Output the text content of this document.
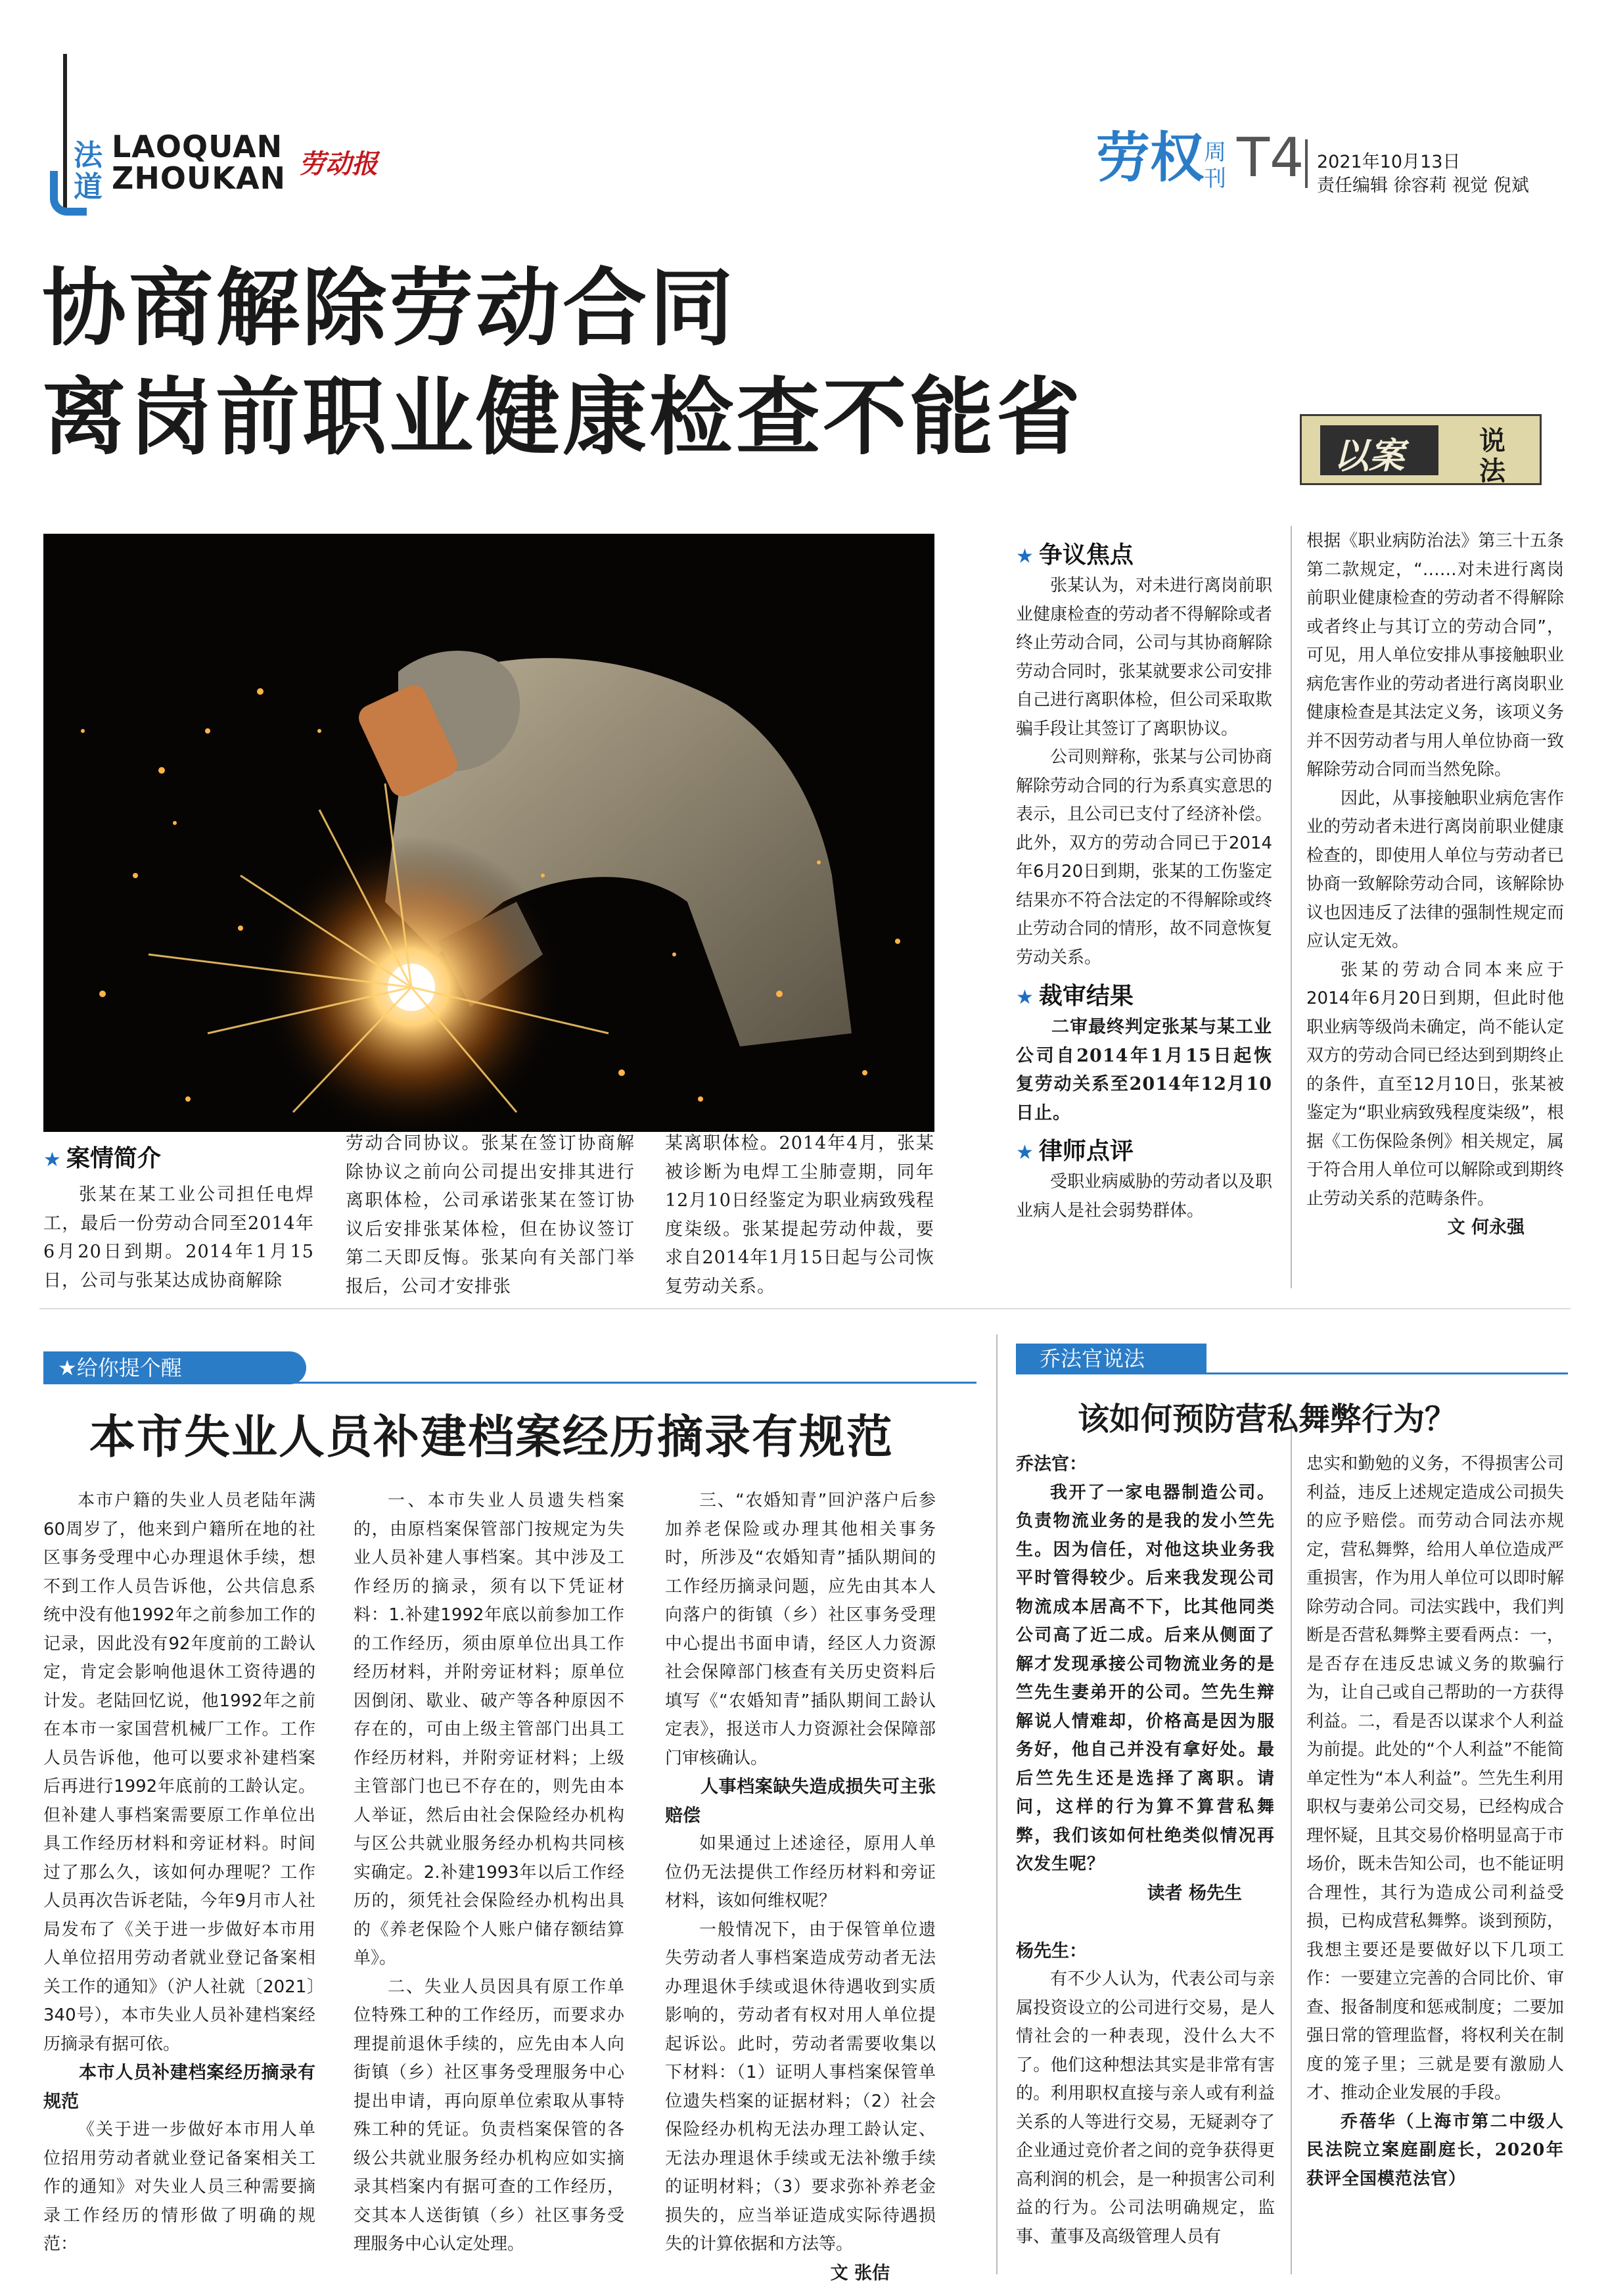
法
道
LAOQUAN
ZHOUKAN 劳动报	劳权 周
刊 T4 2021年10月13日
责任编辑 徐容莉 视觉 倪斌
协商解除劳动合同
离岗前职业健康检查不能省	以案	说
法
★ 案情简介

张某在某工业公司担任电焊工，最后一份劳动合同至2014年6月20日到期。2014年1月15日，公司与张某达成协商解除

劳动合同协议。张某在签订协商解除协议之前向公司提出安排其进行离职体检，公司承诺张某在签订协议后安排张某体检，但在协议签订第二天即反悔。张某向有关部门举报后，公司才安排张

某离职体检。2014年4月，张某被诊断为电焊工尘肺壹期，同年12月10日经鉴定为职业病致残程度柒级。张某提起劳动仲裁，要求自2014年1月15日起与公司恢复劳动关系。

★ 争议焦点

张某认为，对未进行离岗前职业健康检查的劳动者不得解除或者终止劳动合同，公司与其协商解除劳动合同时，张某就要求公司安排自己进行离职体检，但公司采取欺骗手段让其签订了离职协议。

公司则辩称，张某与公司协商解除劳动合同的行为系真实意思的表示，且公司已支付了经济补偿。此外，双方的劳动合同已于2014年6月20日到期，张某的工伤鉴定结果亦不符合法定的不得解除或终止劳动合同的情形，故不同意恢复劳动关系。

★ 裁审结果

二审最终判定张某与某工业公司自2014年1月15日起恢复劳动关系至2014年12月10日止。

★ 律师点评

受职业病威胁的劳动者以及职业病人是社会弱势群体。

根据《职业病防治法》第三十五条第二款规定，“……对未进行离岗前职业健康检查的劳动者不得解除或者终止与其订立的劳动合同”，可见，用人单位安排从事接触职业病危害作业的劳动者进行离岗职业健康检查是其法定义务，该项义务并不因劳动者与用人单位协商一致解除劳动合同而当然免除。

因此，从事接触职业病危害作业的劳动者未进行离岗前职业健康检查的，即使用人单位与劳动者已协商一致解除劳动合同，该解除协议也因违反了法律的强制性规定而应认定无效。

张某的劳动合同本来应于2014年6月20日到期，但此时他职业病等级尚未确定，尚不能认定双方的劳动合同已经达到到期终止的条件，直至12月10日，张某被鉴定为“职业病致残程度柒级”，根据《工伤保险条例》相关规定，属于符合用人单位可以解除或到期终止劳动关系的范畴条件。

文 何永强
★给你提个醒
本市失业人员补建档案经历摘录有规范

本市户籍的失业人员老陆年满60周岁了，他来到户籍所在地的社区事务受理中心办理退休手续，想不到工作人员告诉他，公共信息系统中没有他1992年之前参加工作的记录，因此没有92年度前的工龄认定，肯定会影响他退休工资待遇的计发。老陆回忆说，他1992年之前在本市一家国营机械厂工作。工作人员告诉他，他可以要求补建档案后再进行1992年底前的工龄认定。但补建人事档案需要原工作单位出具工作经历材料和旁证材料。时间过了那么久，该如何办理呢？工作人员再次告诉老陆，今年9月市人社局发布了《关于进一步做好本市用人单位招用劳动者就业登记备案相关工作的通知》（沪人社就〔2021〕340号），本市失业人员补建档案经历摘录有据可依。

本市人员补建档案经历摘录有规范

《关于进一步做好本市用人单位招用劳动者就业登记备案相关工作的通知》对失业人员三种需要摘录工作经历的情形做了明确的规范：

一、本市失业人员遗失档案的，由原档案保管部门按规定为失业人员补建人事档案。其中涉及工作经历的摘录，须有以下凭证材料：1.补建1992年底以前参加工作的工作经历，须由原单位出具工作经历材料，并附旁证材料；原单位因倒闭、歇业、破产等各种原因不存在的，可由上级主管部门出具工作经历材料，并附旁证材料；上级主管部门也已不存在的，则先由本人举证，然后由社会保险经办机构与区公共就业服务经办机构共同核实确定。2.补建1993年以后工作经历的，须凭社会保险经办机构出具的《养老保险个人账户储存额结算单》。

二、失业人员因具有原工作单位特殊工种的工作经历，而要求办理提前退休手续的，应先由本人向街镇（乡）社区事务受理服务中心提出申请，再向原单位索取从事特殊工种的凭证。负责档案保管的各级公共就业服务经办机构应如实摘录其档案内有据可查的工作经历，交其本人送街镇（乡）社区事务受理服务中心认定处理。

三、“农婚知青”回沪落户后参加养老保险或办理其他相关事务时，所涉及“农婚知青”插队期间的工作经历摘录问题，应先由其本人向落户的街镇（乡）社区事务受理中心提出书面申请，经区人力资源社会保障部门核查有关历史资料后填写《“农婚知青”插队期间工龄认定表》，报送市人力资源社会保障部门审核确认。

人事档案缺失造成损失可主张赔偿

如果通过上述途径，原用人单位仍无法提供工作经历材料和旁证材料，该如何维权呢？

一般情况下，由于保管单位遗失劳动者人事档案造成劳动者无法办理退休手续或退休待遇收到实质影响的，劳动者有权对用人单位提起诉讼。此时，劳动者需要收集以下材料：（1）证明人事档案保管单位遗失档案的证据材料；（2）社会保险经办机构无法办理工龄认定、无法办理退休手续或无法补缴手续的证明材料；（3）要求弥补养老金损失的，应当举证造成实际待遇损失的计算依据和方法等。

文 张佶
乔法官说法
该如何预防营私舞弊行为？
乔法官：

我开了一家电器制造公司。负责物流业务的是我的发小竺先生。因为信任，对他这块业务我平时管得较少。后来我发现公司物流成本居高不下，比其他同类公司高了近二成。后来从侧面了解才发现承接公司物流业务的是竺先生妻弟开的公司。竺先生辩解说人情难却，价格高是因为服务好，他自己并没有拿好处。最后竺先生还是选择了离职。请问，这样的行为算不算营私舞弊，我们该如何杜绝类似情况再次发生呢？

读者 杨先生
杨先生：

有不少人认为，代表公司与亲属投资设立的公司进行交易，是人情社会的一种表现，没什么大不了。他们这种想法其实是非常有害的。利用职权直接与亲人或有利益关系的人等进行交易，无疑剥夺了企业通过竞价者之间的竞争获得更高利润的机会，是一种损害公司利益的行为。公司法明确规定，监事、董事及高级管理人员有

忠实和勤勉的义务，不得损害公司利益，违反上述规定造成公司损失的应予赔偿。而劳动合同法亦规定，营私舞弊，给用人单位造成严重损害，作为用人单位可以即时解除劳动合同。司法实践中，我们判断是否营私舞弊主要看两点：一，是否存在违反忠诚义务的欺骗行为，让自己或自己帮助的一方获得利益。二，看是否以谋求个人利益为前提。此处的“个人利益”不能简单定性为“本人利益”。竺先生利用职权与妻弟公司交易，已经构成合理怀疑，且其交易价格明显高于市场价，既未告知公司，也不能证明合理性，其行为造成公司利益受损，已构成营私舞弊。谈到预防，我想主要还是要做好以下几项工作：一要建立完善的合同比价、审查、报备制度和惩戒制度；二要加强日常的管理监督，将权利关在制度的笼子里；三就是要有激励人才、推动企业发展的手段。

乔蓓华（上海市第二中级人民法院立案庭副庭长，2020年获评全国模范法官）
